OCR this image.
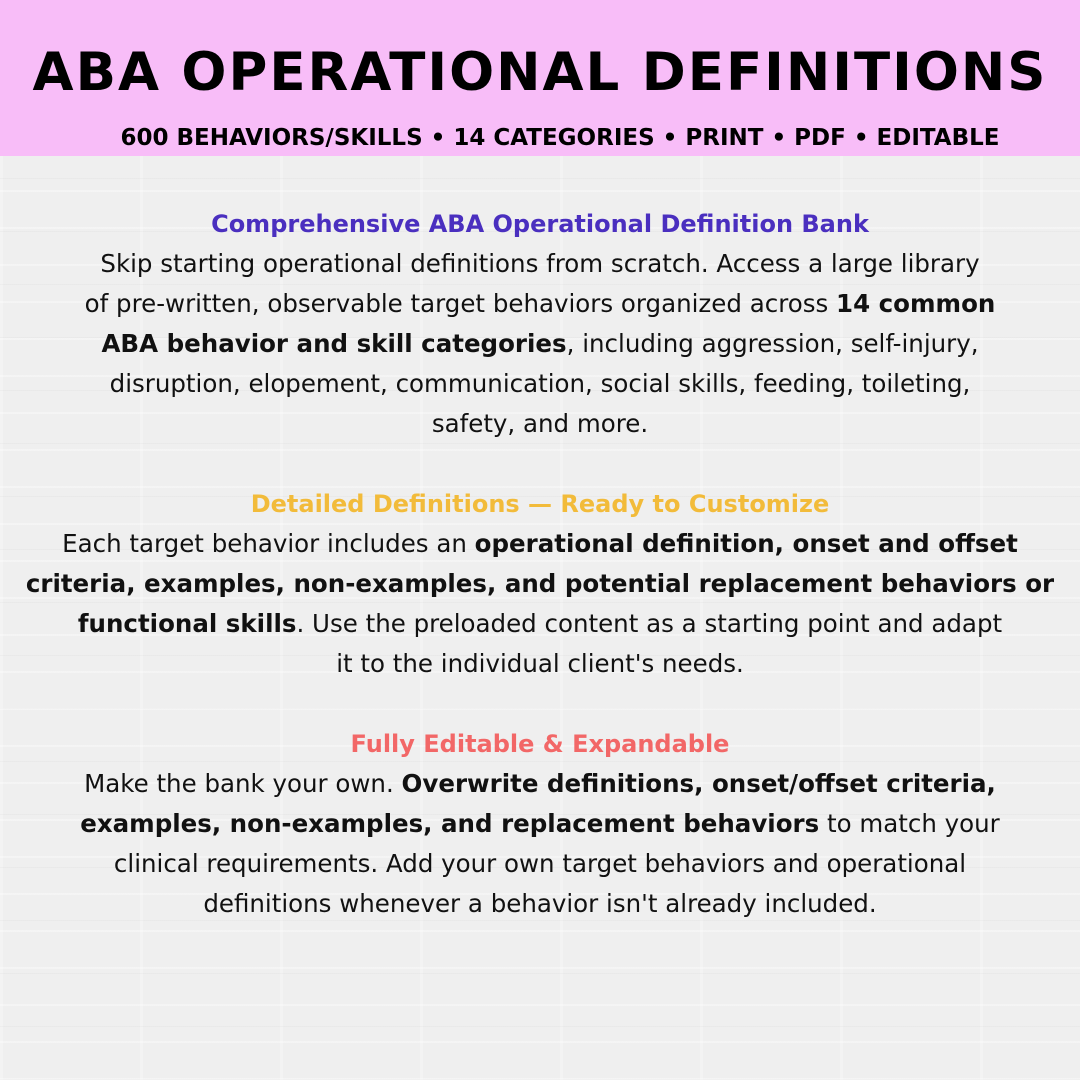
ABA OPERATIONAL DEFINITIONS
600 BEHAVIORS/SKILLS • 14 CATEGORIES • PRINT • PDF • EDITABLE
Comprehensive ABA Operational Definition Bank
Skip starting operational definitions from scratch. Access a large library
of pre-written, observable target behaviors organized across 14 common
ABA behavior and skill categories, including aggression, self-injury,
disruption, elopement, communication, social skills, feeding, toileting,
safety, and more.
Detailed Definitions — Ready to Customize
Each target behavior includes an operational definition, onset and offset
criteria, examples, non-examples, and potential replacement behaviors or
functional skills. Use the preloaded content as a starting point and adapt
it to the individual client's needs.
Fully Editable & Expandable
Make the bank your own. Overwrite definitions, onset/offset criteria,
examples, non-examples, and replacement behaviors to match your
clinical requirements. Add your own target behaviors and operational
definitions whenever a behavior isn't already included.
